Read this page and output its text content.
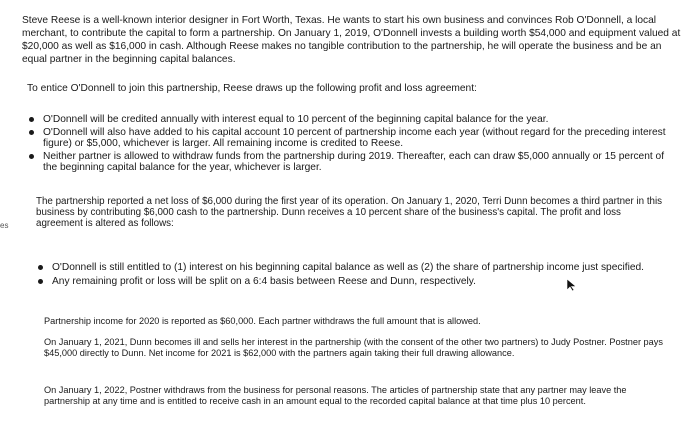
Steve Reese is a well-known interior designer in Fort Worth, Texas. He wants to start his own business and convinces Rob O'Donnell, a local merchant, to contribute the capital to form a partnership. On January 1, 2019, O'Donnell invests a building worth $54,000 and equipment valued at $20,000 as well as $16,000 in cash. Although Reese makes no tangible contribution to the partnership, he will operate the business and be an equal partner in the beginning capital balances.

To entice O'Donnell to join this partnership, Reese draws up the following profit and loss agreement:

O'Donnell will be credited annually with interest equal to 10 percent of the beginning capital balance for the year.
O'Donnell will also have added to his capital account 10 percent of partnership income each year (without regard for the preceding interest figure) or $5,000, whichever is larger. All remaining income is credited to Reese.
Neither partner is allowed to withdraw funds from the partnership during 2019. Thereafter, each can draw $5,000 annually or 15 percent of the beginning capital balance for the year, whichever is larger.
es

The partnership reported a net loss of $6,000 during the first year of its operation. On January 1, 2020, Terri Dunn becomes a third partner in this business by contributing $6,000 cash to the partnership. Dunn receives a 10 percent share of the business's capital. The profit and loss agreement is altered as follows:

O'Donnell is still entitled to (1) interest on his beginning capital balance as well as (2) the share of partnership income just specified.
Any remaining profit or loss will be split on a 6:4 basis between Reese and Dunn, respectively.

Partnership income for 2020 is reported as $60,000. Each partner withdraws the full amount that is allowed.

On January 1, 2021, Dunn becomes ill and sells her interest in the partnership (with the consent of the other two partners) to Judy Postner. Postner pays $45,000 directly to Dunn. Net income for 2021 is $62,000 with the partners again taking their full drawing allowance.

On January 1, 2022, Postner withdraws from the business for personal reasons. The articles of partnership state that any partner may leave the partnership at any time and is entitled to receive cash in an amount equal to the recorded capital balance at that time plus 10 percent.
